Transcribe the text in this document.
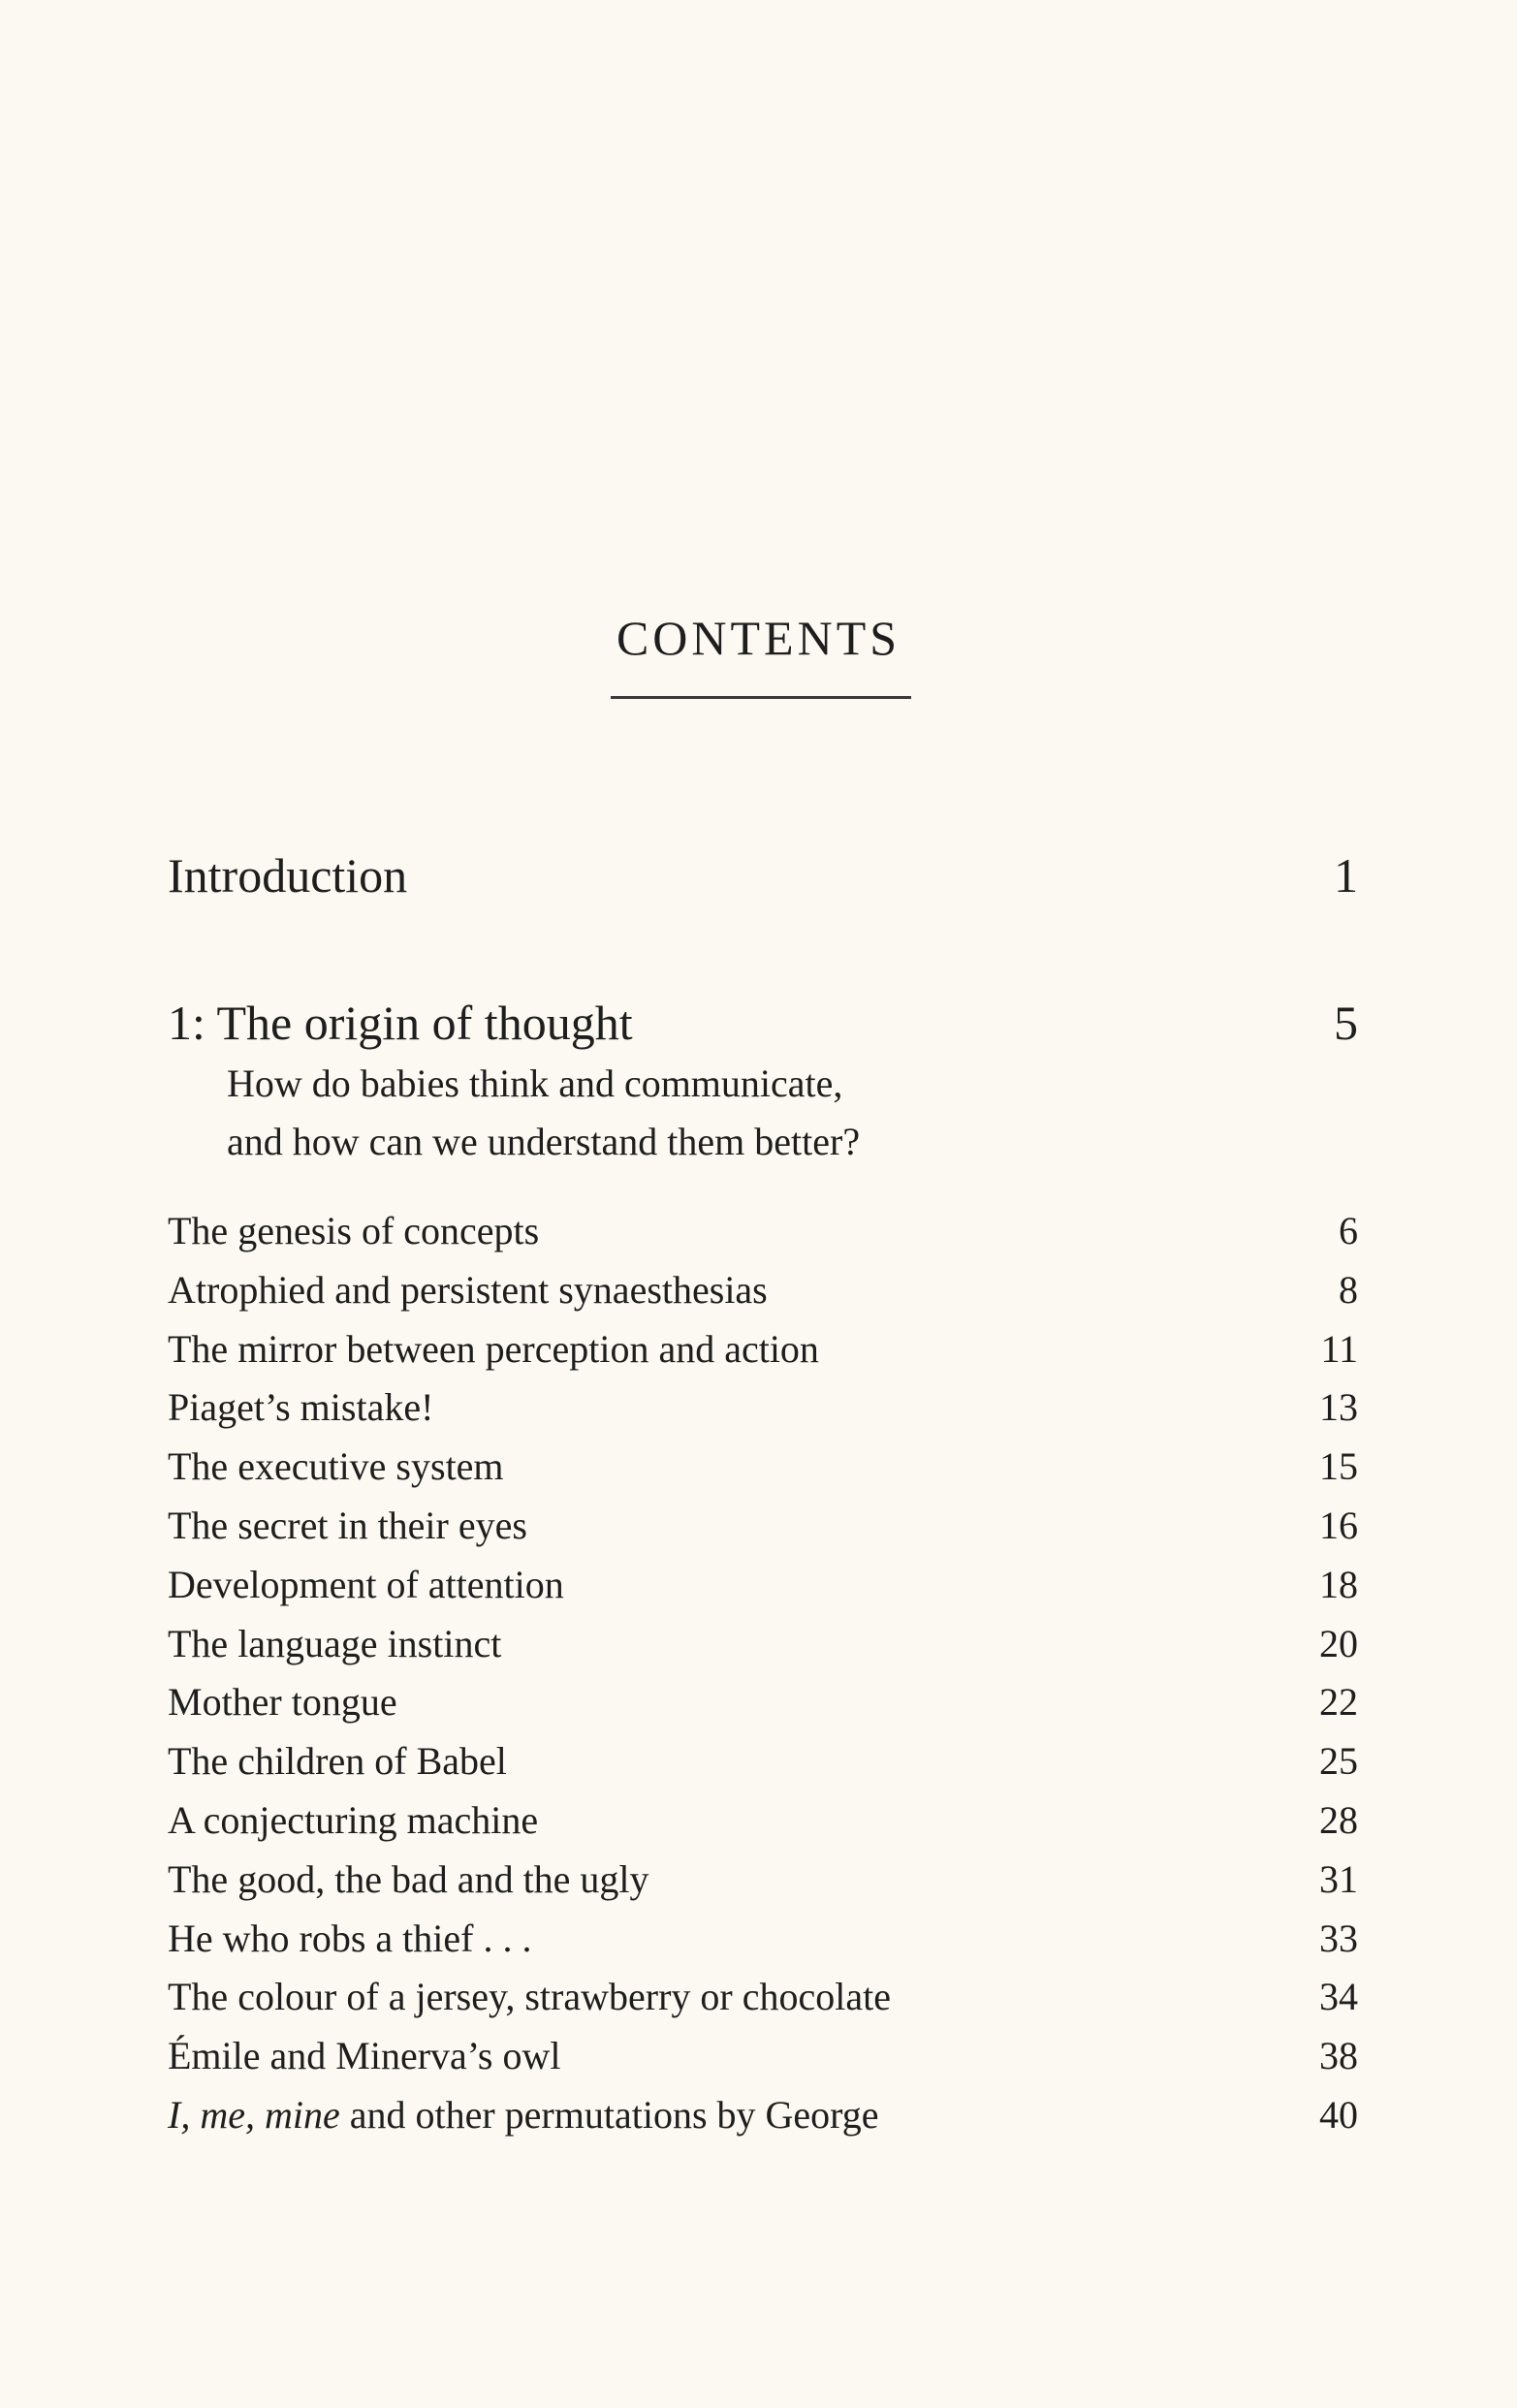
CONTENTS
Introduction	1
1: The origin of thought	5
How do babies think and communicate,
and how can we understand them better?
The genesis of concepts	6
Atrophied and persistent synaesthesias	8
The mirror between perception and action	11
Piaget’s mistake!	13
The executive system	15
The secret in their eyes	16
Development of attention	18
The language instinct	20
Mother tongue	22
The children of Babel	25
A conjecturing machine	28
The good, the bad and the ugly	31
He who robs a thief . . .	33
The colour of a jersey, strawberry or chocolate	34
Émile and Minerva’s owl	38
I, me, mine and other permutations by George	40
